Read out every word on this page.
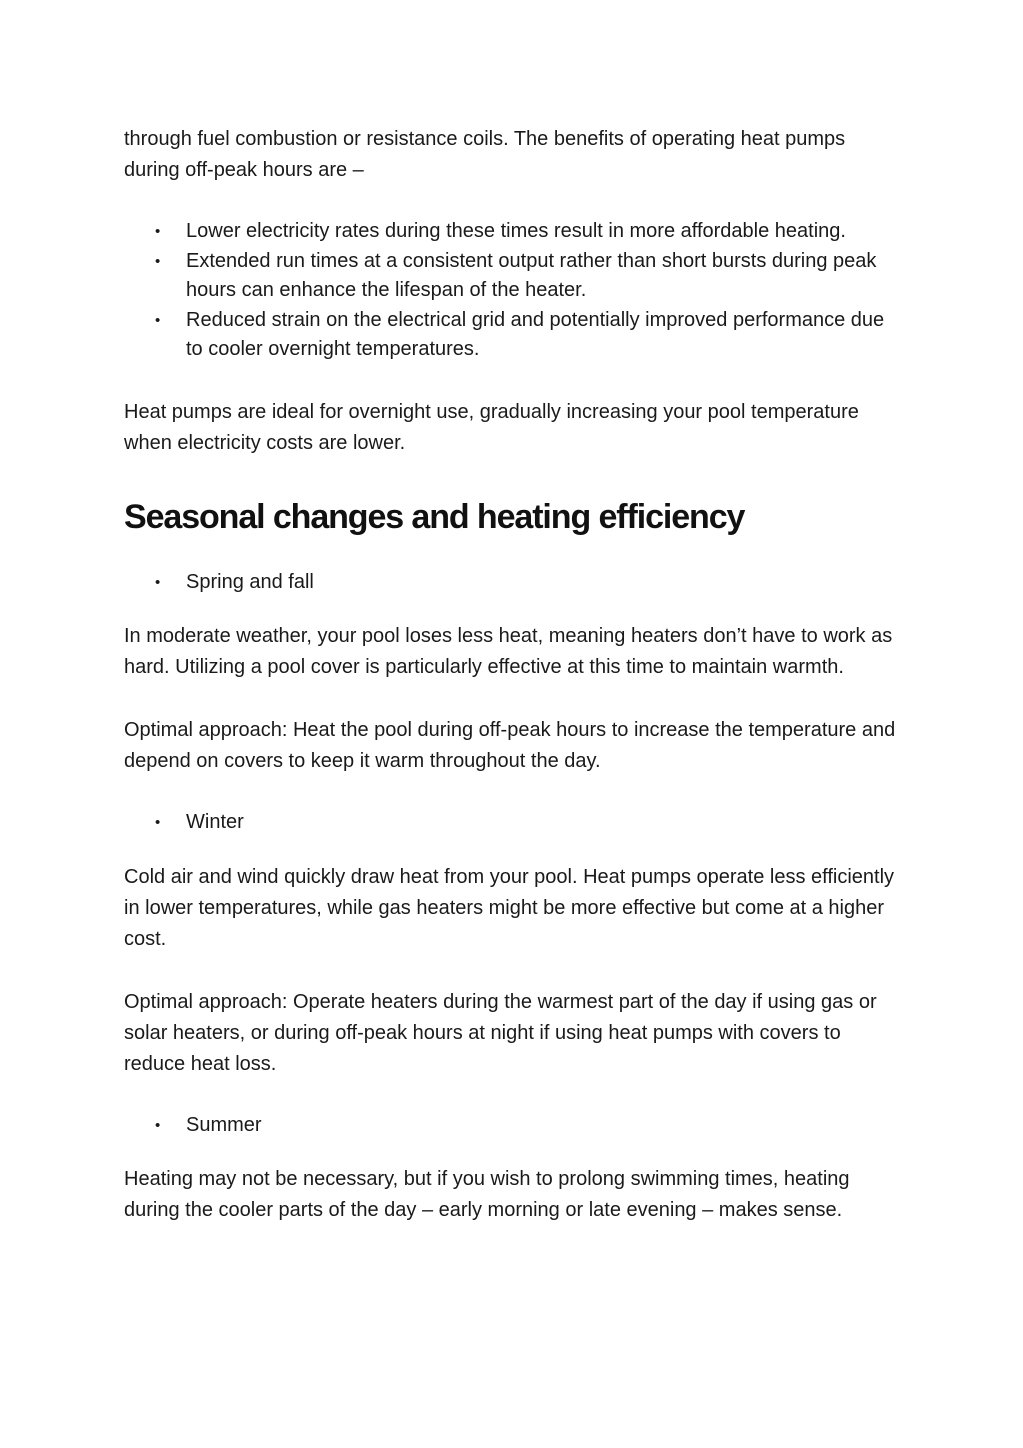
through fuel combustion or resistance coils. The benefits of operating heat pumps during off-peak hours are –

• Lower electricity rates during these times result in more affordable heating.
• Extended run times at a consistent output rather than short bursts during peak hours can enhance the lifespan of the heater.
• Reduced strain on the electrical grid and potentially improved performance due to cooler overnight temperatures.

Heat pumps are ideal for overnight use, gradually increasing your pool temperature when electricity costs are lower.

Seasonal changes and heating efficiency
• Spring and fall

In moderate weather, your pool loses less heat, meaning heaters don’t have to work as hard. Utilizing a pool cover is particularly effective at this time to maintain warmth.

Optimal approach: Heat the pool during off-peak hours to increase the temperature and depend on covers to keep it warm throughout the day.

• Winter

Cold air and wind quickly draw heat from your pool. Heat pumps operate less efficiently in lower temperatures, while gas heaters might be more effective but come at a higher cost.

Optimal approach: Operate heaters during the warmest part of the day if using gas or solar heaters, or during off-peak hours at night if using heat pumps with covers to reduce heat loss.

• Summer

Heating may not be necessary, but if you wish to prolong swimming times, heating during the cooler parts of the day – early morning or late evening – makes sense.
